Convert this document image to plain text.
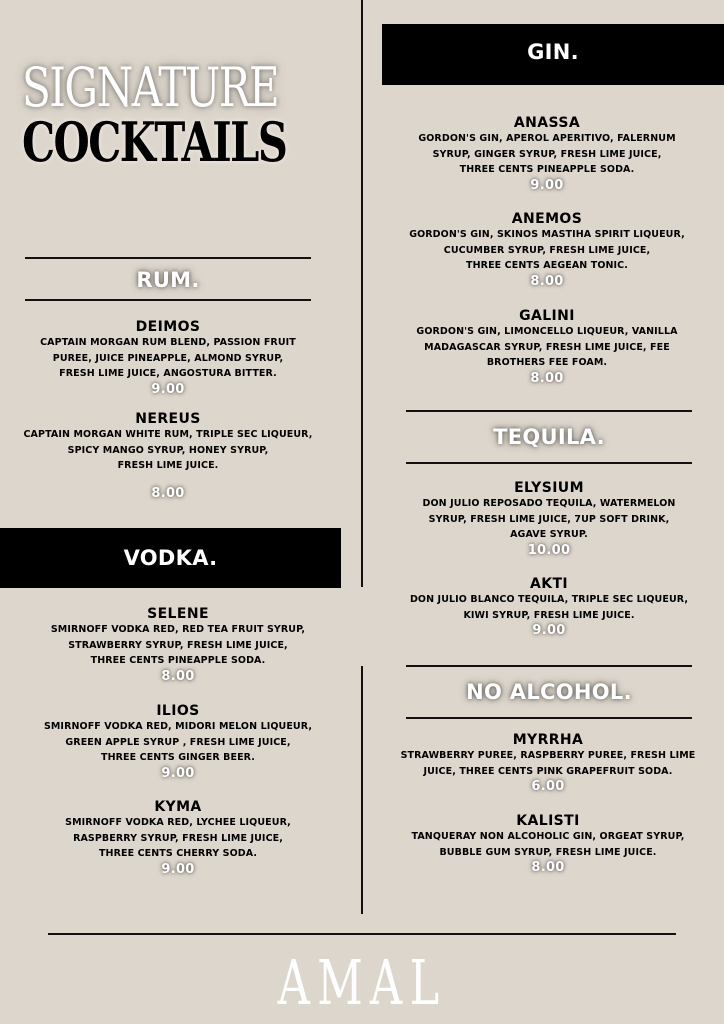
SIGNATURE
COCKTAILS
RUM.
DEIMOS
CAPTAIN MORGAN RUM BLEND, PASSION FRUIT
PUREE, JUICE PINEAPPLE, ALMOND SYRUP,
FRESH LIME JUICE, ANGOSTURA BITTER.
9.00
NEREUS
CAPTAIN MORGAN WHITE RUM, TRIPLE SEC LIQUEUR,
SPICY MANGO SYRUP, HONEY SYRUP,
FRESH LIME JUICE.
8.00
VODKA.
SELENE
SMIRNOFF VODKA RED, RED TEA FRUIT SYRUP,
STRAWBERRY SYRUP, FRESH LIME JUICE,
THREE CENTS PINEAPPLE SODA.
8.00
ILIOS
SMIRNOFF VODKA RED, MIDORI MELON LIQUEUR,
GREEN APPLE SYRUP , FRESH LIME JUICE,
THREE CENTS GINGER BEER.
9.00
KYMA
SMIRNOFF VODKA RED, LYCHEE LIQUEUR,
RASPBERRY SYRUP, FRESH LIME JUICE,
THREE CENTS CHERRY SODA.
9.00
GIN.
ANASSA
GORDON'S GIN, APEROL APERITIVO, FALERNUM
SYRUP, GINGER SYRUP, FRESH LIME JUICE,
THREE CENTS PINEAPPLE SODA.
9.00
ANEMOS
GORDON'S GIN, SKINOS MASTIHA SPIRIT LIQUEUR,
CUCUMBER SYRUP, FRESH LIME JUICE,
THREE CENTS AEGEAN TONIC.
8.00
GALINI
GORDON'S GIN, LIMONCELLO LIQUEUR, VANILLA
MADAGASCAR SYRUP, FRESH LIME JUICE, FEE
BROTHERS FEE FOAM.
8.00
TEQUILA.
ELYSIUM
DON JULIO REPOSADO TEQUILA, WATERMELON
SYRUP, FRESH LIME JUICE, 7UP SOFT DRINK,
AGAVE SYRUP.
10.00
AKTI
DON JULIO BLANCO TEQUILA, TRIPLE SEC LIQUEUR,
KIWI SYRUP, FRESH LIME JUICE.
9.00
NO ALCOHOL.
MYRRHA
STRAWBERRY PUREE, RASPBERRY PUREE, FRESH LIME
JUICE, THREE CENTS PINK GRAPEFRUIT SODA.
6.00
KALISTI
TANQUERAY NON ALCOHOLIC GIN, ORGEAT SYRUP,
BUBBLE GUM SYRUP, FRESH LIME JUICE.
8.00
AMAL
